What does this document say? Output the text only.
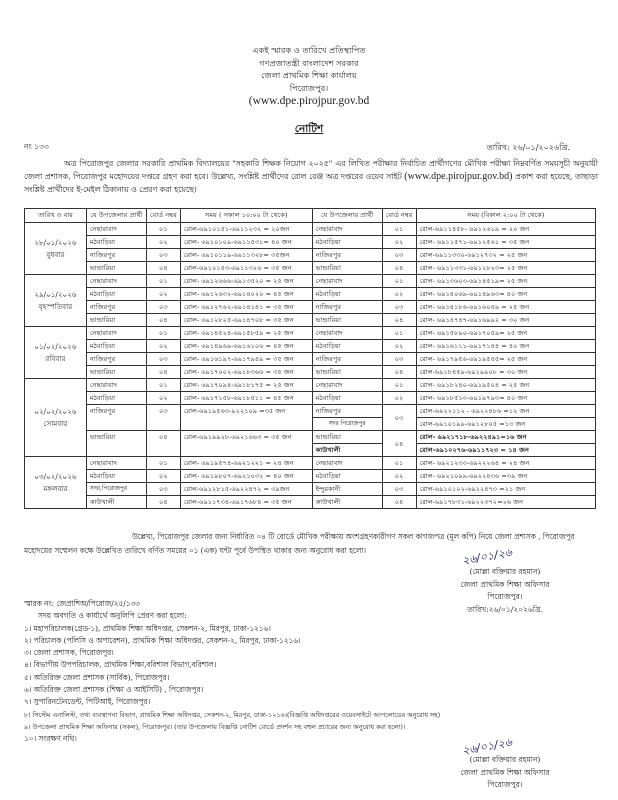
একই স্মারক ও তারিখে প্রতিস্থাপিত
গণপ্রজাতন্ত্রী বাংলাদেশ সরকার
জেলা প্রাথমিক শিক্ষা কার্যালয়
পিরোজপুর।
(www.dpe.pirojpur.gov.bd
নোটিশ
নং ১৩৩	তারিখ: ২৬/০১/২০২৬খ্রি.
অত্র পিরোজপুর জেলার সরকারি প্রাথমিক বিদ্যালয়ের "সহকারি শিক্ষক নিয়োগ ২০২৫" এর লিখিত পরীক্ষার নির্বাচিত প্রার্থীগণের মৌখিক পরীক্ষা নিম্নবর্ণিত সময়সূচী অনুযায়ী জেলা প্রশাসক, পিরোজপুর মহোদয়ের দপ্তরে গ্রহণ করা হবে। উল্লেখ্য, সংশ্লিষ্ট প্রার্থীদের রোল রেঞ্জ অত্র দপ্তরের ওয়েব সাইট (www.dpe.pirojpur.gov.bd) প্রকাশ করা হয়েছে, তাছাড়া সংশ্লিষ্ট প্রার্থীদের ই-মেইল ঠিকানায় ও প্রেরণ করা হয়েছে।
তারিখ ও বার	যে উপজেলার প্রার্থী	বোর্ড নম্বর	সময় ( সকাল ১০:০০ টা থেকে)	যে উপজেলার প্রার্থী	বোর্ড নম্বর	সময় (বিকাল ২:০০ টা থেকে)
২৮/০১/২০২৬
বুধবার	নেছারাবাদ	০১	রোল-৬৯১০১৫১-৬৯১১২৩২ = ২০জন	নেছারাবাদ	০১	রোল-৬৯১১৪৫৮- ৬৯১২৬১৯ = ২০ জন
	মঠবাড়িয়া	০২	রোল- ৬৯১০১০৯-৬৯১১৫৩১= ৪০ জন	মঠবাড়িয়া	০২	রোল- ৬৯১১৫৭১-৬৯১২৫৬১ = ৩৫ জন
	নাজিরপুর	০৩	রোল- ৬৯১০১১৯-৬৯১১৩২৮= ৩৫জন	নাজিরপুর	০৩	রোল-৬৯১১৩৩০-৬৯১২৭৩২ = ২৫ জন
	ভান্ডারিয়া	০৪	রোল-৬৯১০১৫৩-৬৯১১৩২৬ = ৩৫ জন	ভান্ডারিয়া	০৪	রোল- ৬৯১১৩৩১-৬৯১২৮২৩= ২৫ জন
২৯/০১/২০২৬
বৃহস্পতিবার	নেছারাবাদ	০১	রোল- ৬৯১২৬৬৬-৬৯১৩৫২০ = ২৫ জন	নেছারাবাদ	০১	রোল- ৬৯১৩৬০৩-৬৯১৪৫১৯= ২৫ জন
	মঠবাড়িয়া	০২	রোল- ৬৯১২৬৩২-৬৯১৪০২০ = ৪৫ জন	মঠবাড়িয়া	০২	রোল- ৬৯১৪০৬৯-৬৯১৪৯৬৩= ৪০ জন
	নাজিরপুর	০৩	রোল- ৬৯১২৭৬২-৬৯১৪১৪১ = ৩৫ জন	নাজিরপুর	০৩	রোল- ৬৯১৪১৮৬-৬৯১৬০৪৯ = ২৫ জন
	ভান্ডারিয়া	০৪	রোল- ৬৯১২৮২৫-৬৯১৪৭০৮ = ৩৫ জন	ভান্ডারিয়া	০৪	রোল- ৬৯১৪৭৪৭-৬৯১৬৯৯২ = ৩০ জন
০১/০২/২০২৬
রবিবার	নেছারাবাদ	০১	রোল- ৬৯১৪৫২৪-৬৯১৫৮৫৯ = ২৫ জন	নেছারাবাদ	০১	রোল- ৬৯১৫৮৯০-৬৯১৭০৫৯= ২৫ জন
	মঠবাড়িয়া	০২	রোল- ৬৯১৪৯৬৯-৬৯১৬১০৬ = ৪৫ জন	মঠবাড়িয়া	০২	রোল- ৬৯১৬১১১-৬৯১৭১৪৪ = ৪০ জন
	নাজিরপুর	০৩	রোল- ৬৯১৬১৯৭-৬৯১৭৯৪৯ = ৩৫ জন	নাজিরপুর	০৩	রোল- ৬৯১৭৯৫৬-৬৯১৯৫৫৫= ২৫ জন
	ভান্ডারিয়া	০৪	রোল- ৬৯১৭০০২-৬৯১৮৩৬৬ = ৩৫ জন	ভান্ডারিয়া	০৪	রোল-৬৯১৮৪৫৯-৬৯১৯৯০৮ = ৩০ জন
০২/০২/২০২৬
সোমবার	নেছারাবাদ	০১	রোল- ৬৯১৭০৯৪-৬৯১৮১৭৫ = ২৫ জন	নেছারাবাদ	০১	রোল- ৬৯১৮২৪০-৬৯১৯৫০৪ = ২৫ জন
	মঠবাড়িয়া	০২	রোল- ৬৯১৭১৫৮-৬৯১৮৫১১ = ৪৫ জন	মঠবাড়িয়া	০২	রোল- ৬৯১৮৫১৩-৬৯১৯৭৯৩= ৪০ জন
	নাজিরপুর	০৩	রোল-৬৯১৯৫৬৩-৯২২১০৯ =৩৫ জন	নাজিরপুর	০৩	রোল-৬৯২২১১২ - ৬৯২২৪৮৬ =১২ জন
				সদর পিরোজপুর		রোল-৬৯১০১৯৯-৬৯১২৮০৫ =১৩ জন
	ভান্ডারিয়া	০৪	রোল-৬৯১৯৯২৮-৬৯২১৬৬৩ = ৩৫ জন	ভান্ডারিয়া	০৪	রোল- ৬৯২১৭১৮-৬৯২২৪৯১=১৬ জন
				কাউখালী		রোল-৬৯১০২৭৬-৬৯১১৭২৩ = ১৪ জন
০৩/০২/২০২৬
মঙ্গলবার	নেছারাবাদ	০১	রোল- ৬৯১৯৫৭৪-৬৯২১২২১ = ২৪ জন	নেছারাবাদ	০১	রোল- ৬৯২১২৩৩-৬৯২২২৬৪ = ২৪ জন
	মঠবাড়িয়া	০২	রোল- ৬৯১৯৮০৭-৬৯২১০৩২ = ৪০ জন	মঠবাড়িয়া	০২	রোল- ৬৯২১০৯৯-৬৯২২৪৩৬ =৩৯ জন
	সদর,পিরোজপুর	০৩	রোল-৬৯১২৮১৫-৬৯২২৪৭২ = ৩৯জন	ইন্দুরকানী	০৩	রোল-৬৯১০১০২-৬৯২২৪৭৩ =২১ জন
	কাউখালী	০৪	রোল-৬৯১১৭৩৪-৬৯১৭৬৮৪ = ৩৫ জন	কাউখালী	০৪	রোল-৬৯১৭৮৩১-৬৯২২৩৭২=২৬ জন
উল্লেখ্য, পিরোজপুর জেলার জন্য নির্ধারিত ০৪ টি বোর্ডে মৌখিক পরীক্ষায় অংশগ্রহণকারীগণ সকল কাগজপত্র (মূল কপি) নিয়ে জেলা প্রশাসক , পিরোজপুর
মহোদয়ের সম্মেলন কক্ষে উল্লেখিত তারিখে বর্ণিত সময়ের ০১ (এক) ঘন্টা পূর্বে উপস্থিত থাকার জন্য অনুরোধ করা হলো।	২৬/০১/২৬
(মোল্লা বক্তিয়ার রহমান)
জেলা প্রাথমিক শিক্ষা অফিসার
পিরোজপুর।
তারিখ:২৬/০১/২০২৬খ্রি.
স্মারক নং: জেপ্রাশিঅ/পিরোজ/২৫/১৩৩
সদয় অবগতি ও কার্যার্থে অনুলিপি প্রেরণ করা হলো:
১। মহাপরিচালক(গ্রেড-১), প্রাথমিক শিক্ষা অধিদপ্তর, সেকশন-২, মিরপুর, ঢাকা-১২১৬।
২। পরিচালক (পলিসি ও অপারেশন), প্রাথমিক শিক্ষা অধিদপ্তর, সেকশন-২, মিরপুর, ঢাকা-১২১৬।
৩। জেলা প্রশাসক, পিরোজপুর।
৪। বিভাগীয় উপপরিচালক, প্রাথমিক শিক্ষা,বরিশাল বিভাগ,বরিশাল।
৫। অতিরিক্ত জেলা প্রশাসক (সার্বিক), পিরোজপুর।
৬। অতিরিক্ত জেলা প্রশাসক (শিক্ষা ও আইসিটি) , পিরোজপুর।
৭। সুপারিনটেনডেন্ট, পিটিআই, পিরোজপুর।
৮। সিস্টেম এনালিস্ট, তথ্য ব্যবস্থাপনা বিভাগ, প্রাথমিক শিক্ষা অধিদপ্তর, সেকশন-২, মিরপুর, ঢাকা-১২১৬।(বিজ্ঞপ্তি অধিদপ্তরের ওয়েবসাইটে আপলোডের অনুরোধ সহ)
৯। উপজেলা প্রাথমিক শিক্ষা অফিসার (সকল), পিরোজপুর। (তার উপজেলায় বিজ্ঞপ্তি নোটিশ বোর্ডে প্রদর্শন সহ বহুল প্রচারের জন্য অনুরোধ করা হলো)।
১০। সংরক্ষণ নথি।	২৬/০১/২৬
(মোল্লা বক্তিয়ার রহমান)
জেলা প্রাথমিক শিক্ষা অফিসার
পিরোজপুর।
